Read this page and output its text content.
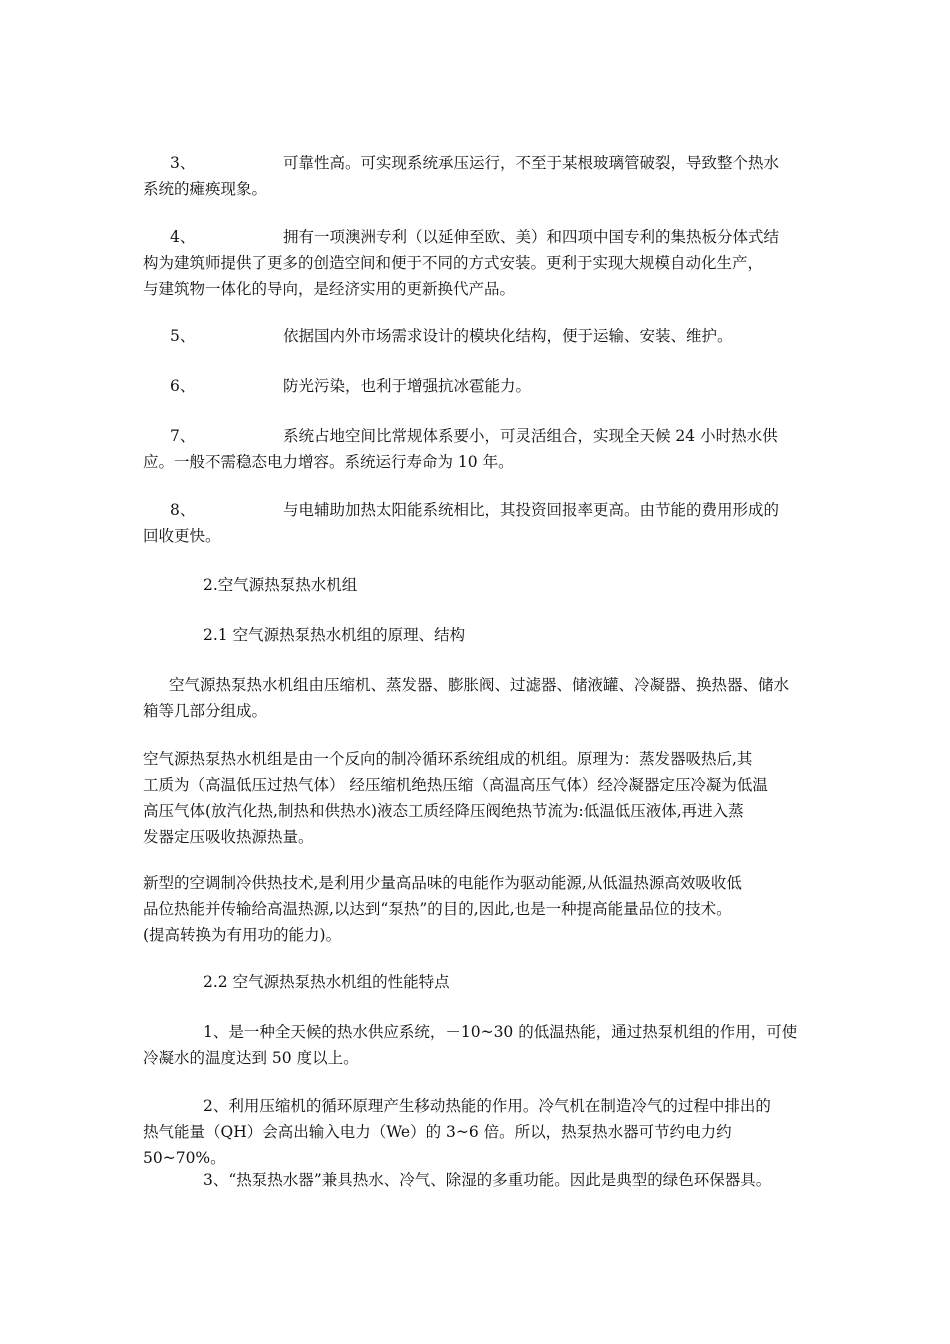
3、	可靠性高。可实现系统承压运行，不至于某根玻璃管破裂，导致整个热水

系统的瘫痪现象。

4、	拥有一项澳洲专利（以延伸至欧、美）和四项中国专利的集热板分体式结

构为建筑师提供了更多的创造空间和便于不同的方式安装。更利于实现大规模自动化生产，

与建筑物一体化的导向，是经济实用的更新换代产品。

5、	依据国内外市场需求设计的模块化结构，便于运输、安装、维护。

6、	防光污染，也利于增强抗冰雹能力。

7、	系统占地空间比常规体系要小，可灵活组合，实现全天候 24 小时热水供

应。一般不需稳态电力增容。系统运行寿命为 10 年。

8、	与电辅助加热太阳能系统相比，其投资回报率更高。由节能的费用形成的

回收更快。

2.空气源热泵热水机组

2.1 空气源热泵热水机组的原理、结构

空气源热泵热水机组由压缩机、蒸发器、膨胀阀、过滤器、储液罐、冷凝器、换热器、储水

箱等几部分组成。

空气源热泵热水机组是由一个反向的制冷循环系统组成的机组。原理为：蒸发器吸热后,其

工质为（高温低压过热气体） 经压缩机绝热压缩（高温高压气体）经冷凝器定压冷凝为低温

高压气体(放汽化热,制热和供热水)液态工质经降压阀绝热节流为:低温低压液体,再进入蒸

发器定压吸收热源热量。

新型的空调制冷供热技术,是利用少量高品味的电能作为驱动能源,从低温热源高效吸收低

品位热能并传输给高温热源,以达到“泵热”的目的,因此,也是一种提高能量品位的技术。

(提高转换为有用功的能力)。

2.2 空气源热泵热水机组的性能特点

1、是一种全天候的热水供应系统，－10~30 的低温热能，通过热泵机组的作用，可使

冷凝水的温度达到 50 度以上。

2、利用压缩机的循环原理产生移动热能的作用。冷气机在制造冷气的过程中排出的

热气能量（QH）会高出输入电力（We）的 3~6 倍。所以，热泵热水器可节约电力约 50~70%。

3、“热泵热水器”兼具热水、冷气、除湿的多重功能。因此是典型的绿色环保器具。
